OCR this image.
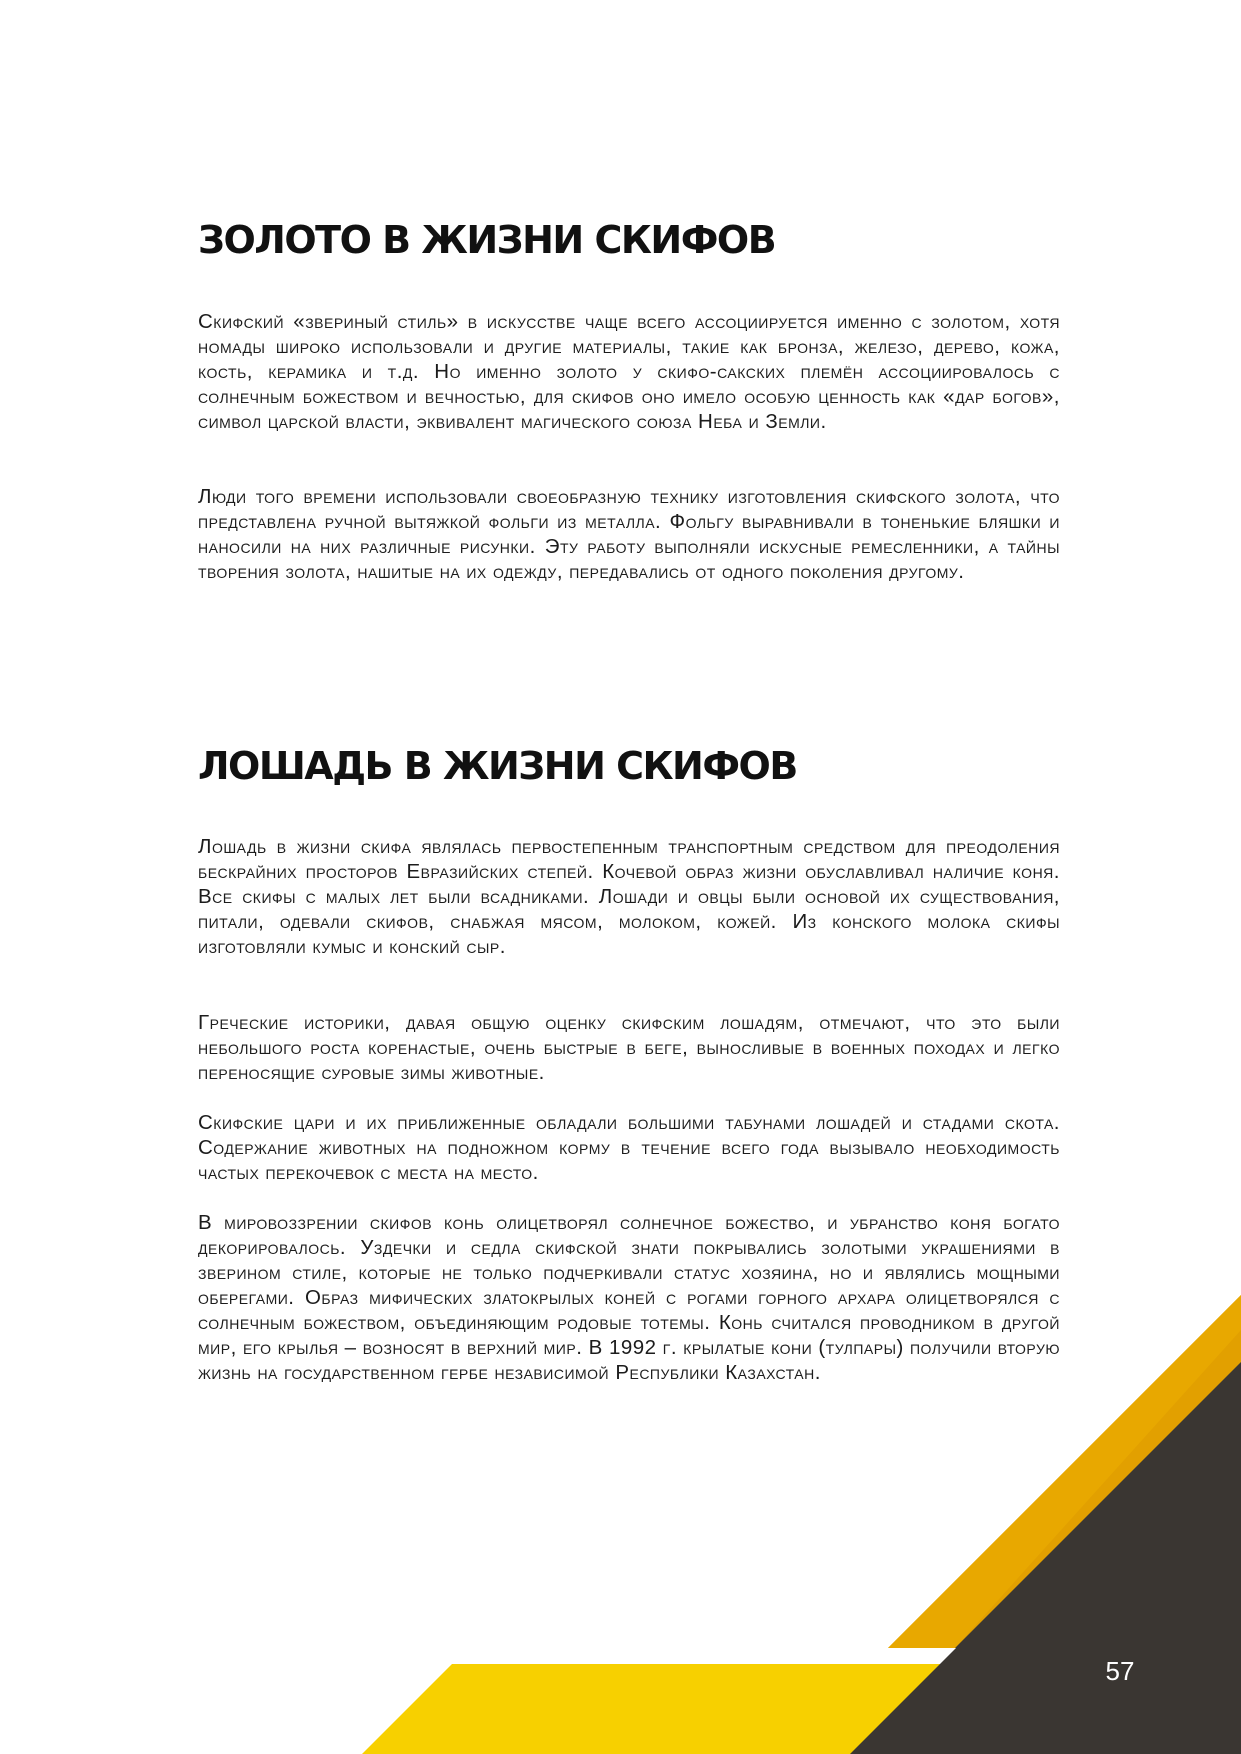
ЗОЛОТО В ЖИЗНИ СКИФОВ

Скифский «звериный стиль» в искусстве чаще всего ассоциируется именно с золотом, хотя номады широко использовали и другие материалы, такие как бронза, железо, дерево, кожа, кость, керамика и т.д. Но именно золото у скифо-сакских племён ассоциировалось с солнечным божеством и вечностью, для скифов оно имело особую ценность как «дар богов», символ царской власти, эквивалент магического союза Неба и Земли.

Люди того времени использовали своеобразную технику изготовления скифского золота, что представлена ручной вытяжкой фольги из металла. Фольгу выравнивали в тоненькие бляшки и наносили на них различные рисунки. Эту работу выполняли искусные ремесленники, а тайны творения золота, нашитые на их одежду, передавались от одного поколения другому.

ЛОШАДЬ В ЖИЗНИ СКИФОВ

Лошадь в жизни скифа являлась первостепенным транспортным средством для преодоления бескрайних просторов Евразийских степей. Кочевой образ жизни обуславливал наличие коня. Все скифы с малых лет были всадниками. Лошади и овцы были основой их существования, питали, одевали скифов, снабжая мясом, молоком, кожей. Из конского молока скифы изготовляли кумыс и конский сыр.

Греческие историки, давая общую оценку скифским лошадям, отмечают, что это были небольшого роста коренастые, очень быстрые в беге, выносливые в военных походах и легко переносящие суровые зимы животные.

Скифские цари и их приближенные обладали большими табунами лошадей и стадами скота. Содержание животных на подножном корму в течение всего года вызывало необходимость частых перекочевок с места на место.

В мировоззрении скифов конь олицетворял солнечное божество, и убранство коня богато декорировалось. Уздечки и седла скифской знати покрывались золотыми украшениями в зверином стиле, которые не только подчеркивали статус хозяина, но и являлись мощными оберегами. Образ мифических златокрылых коней с рогами горного архара олицетворялся с солнечным божеством, объединяющим родовые тотемы. Конь считался проводником в другой мир, его крылья – возносят в верхний мир. В 1992 г. крылатые кони (тулпары) получили вторую жизнь на государственном гербе независимой Республики Казахстан.

57
